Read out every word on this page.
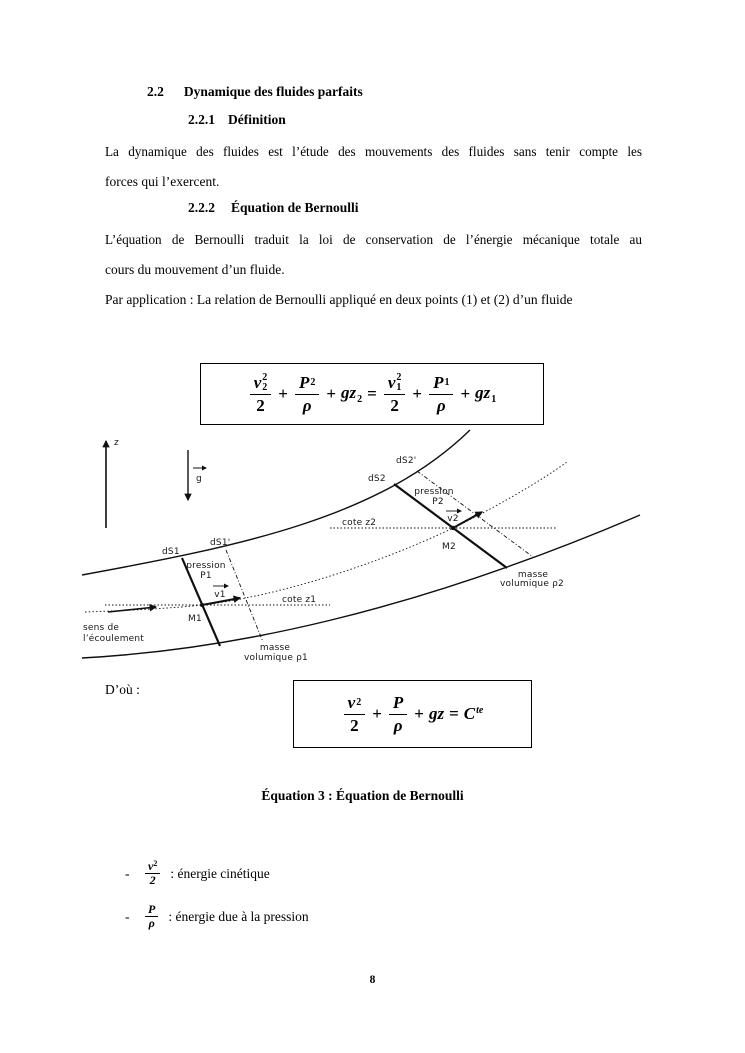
2.2 Dynamique des fluides parfaits
2.2.1 Définition
La dynamique des fluides est l’étude des mouvements des fluides sans tenir compte les
forces qui l’exercent.
2.2.2 Équation de Bernoulli
L’équation de Bernoulli traduit la loi de conservation de l’énergie mécanique totale au
cours du mouvement d’un fluide.
Par application : La relation de Bernoulli appliqué en deux points (1) et (2) d’un fluide
v 2
2
2
+ $\frac{P 2}{\rho} + gz_2 = v$ 2
1
$2 + \frac{P 1}{\rho} + gz_1$
z
g
cote z1
cote z2
sens de
l’écoulement
v1
M1
v2
M2
dS1
dS1'
dS2
dS2'
pression
P1
pression
P2
masse
volumique ρ1
masse
volumique ρ2
D’où :
v 2
2
+ $\frac{P}{\rho}$ + gz = $C^{te}$
Équation 3 : Équation de Bernoulli
-	$v^2$
2 : énergie cinétique
-	P
ρ : énergie due à la pression
8
